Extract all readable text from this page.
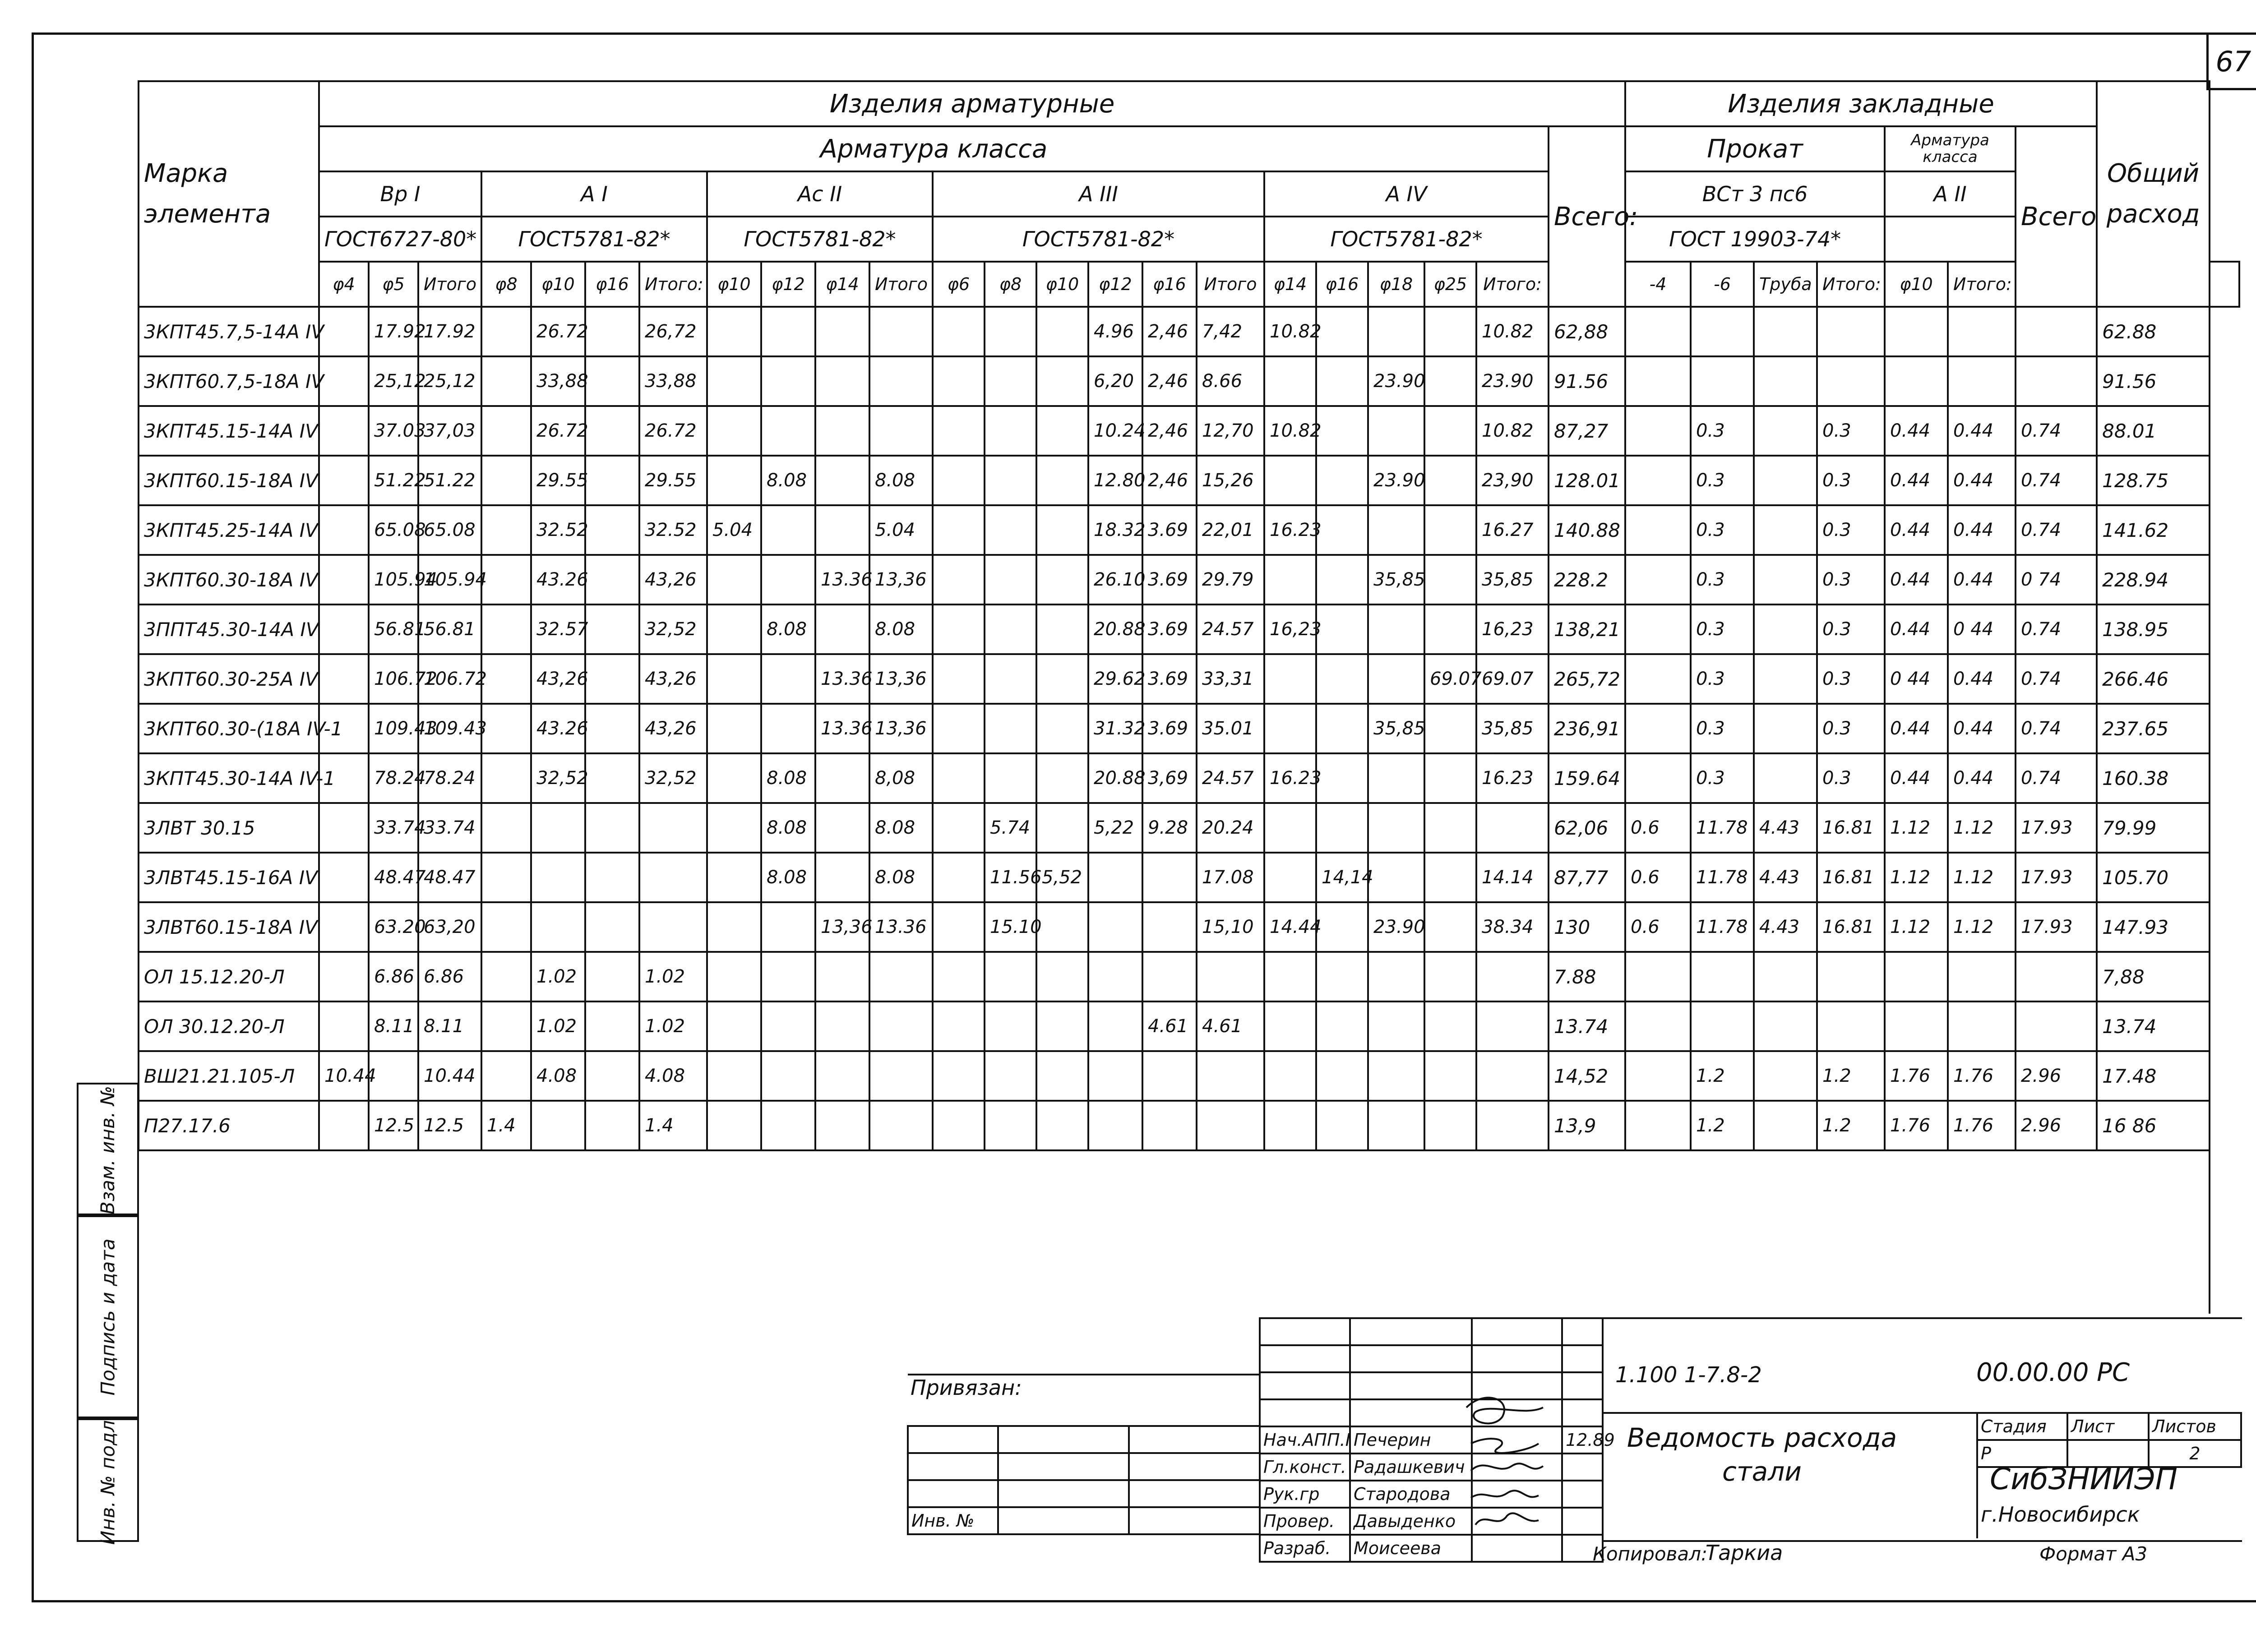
67
Марка элемента	Изделия арматурные																							Изделия закладные							Общий расход	
	Арматура класса																						Всего:	Прокат				Арматура класса		Всего		
	Вр I			A I				Ac II				A III						A IV						ВСт 3 пс6				A II				
	ГОСТ6727-80*			ГОСТ5781-82*				ГОСТ5781-82*				ГОСТ5781-82*						ГОСТ5781-82*						ГОСТ 19903-74*								
	φ4	φ5	Итого	φ8	φ10	φ16	Итого:	φ10	φ12	φ14	Итого	φ6	φ8	φ10	φ12	φ16	Итого	φ14	φ16	φ18	φ25	Итого:		-4	-6	Труба	Итого:	φ10	Итого:			
3КПТ45.7,5-14А IV		17.92	17.92		26.72		26,72								4.96	2,46	7,42	10.82				10.82	62,88								62.88	
3КПТ60.7,5-18А IV		25,12	25,12		33,88		33,88								6,20	2,46	8.66			23.90		23.90	91.56								91.56	
3КПТ45.15-14А IV		37.03	37,03		26.72		26.72								10.24	2,46	12,70	10.82				10.82	87,27		0.3		0.3	0.44	0.44	0.74	88.01	
3КПТ60.15-18А IV		51.22	51.22		29.55		29.55		8.08		8.08				12.80	2,46	15,26			23.90		23,90	128.01		0.3		0.3	0.44	0.44	0.74	128.75	
3КПТ45.25-14А IV		65.08	65.08		32.52		32.52	5.04			5.04				18.32	3.69	22,01	16.23				16.27	140.88		0.3		0.3	0.44	0.44	0.74	141.62	
3КПТ60.30-18А IV		105.94	105.94		43.26		43,26			13.36	13,36				26.10	3.69	29.79			35,85		35,85	228.2		0.3		0.3	0.44	0.44	0 74	228.94	
3ППТ45.30-14А IV		56.81	56.81		32.57		32,52		8.08		8.08				20.88	3.69	24.57	16,23				16,23	138,21		0.3		0.3	0.44	0 44	0.74	138.95	
3КПТ60.30-25А IV		106.72	106.72		43,26		43,26			13.36	13,36				29.62	3.69	33,31				69.07	69.07	265,72		0.3		0.3	0 44	0.44	0.74	266.46	
3КПТ60.30-(18А IV-1		109.43	109.43		43.26		43,26			13.36	13,36				31.32	3.69	35.01			35,85		35,85	236,91		0.3		0.3	0.44	0.44	0.74	237.65	
3КПТ45.30-14А IV-1		78.24	78.24		32,52		32,52		8.08		8,08				20.88	3,69	24.57	16.23				16.23	159.64		0.3		0.3	0.44	0.44	0.74	160.38	
3ЛВТ 30.15		33.74	33.74						8.08		8.08		5.74		5,22	9.28	20.24						62,06	0.6	11.78	4.43	16.81	1.12	1.12	17.93	79.99	
3ЛВТ45.15-16А IV		48.47	48.47						8.08		8.08		11.56	5,52			17.08		14,14			14.14	87,77	0.6	11.78	4.43	16.81	1.12	1.12	17.93	105.70	
3ЛВТ60.15-18А IV		63.20	63,20							13,36	13.36		15.10				15,10	14.44		23.90		38.34	130	0.6	11.78	4.43	16.81	1.12	1.12	17.93	147.93	
ОЛ 15.12.20-Л		6.86	6.86		1.02		1.02																7.88								7,88	
ОЛ 30.12.20-Л		8.11	8.11		1.02		1.02									4.61	4.61						13.74								13.74	
ВШ21.21.105-Л	10.44		10.44		4.08		4.08																14,52		1.2		1.2	1.76	1.76	2.96	17.48	
П27.17.6		12.5	12.5	1.4			1.4																13,9		1.2		1.2	1.76	1.76	2.96	16 86	

Взам. инв. №
Подпись и дата
Инв. № подл.
Привязан:		

Инв. №		

Нач.АПП.I	Печерин		12.89
Гл.конст.	Радашкевич		
Рук.гр	Стародова		
Провер.	Давыденко		
Разраб.	Моисеева		
1.100 1-7.8-2	00.00.00 РС
Ведомость расхода стали
Стадия	Лист	Листов
Р		2
СибЗНИИЭП
г.Новосибирск
Копировал:
Таркиа	Формат А3
